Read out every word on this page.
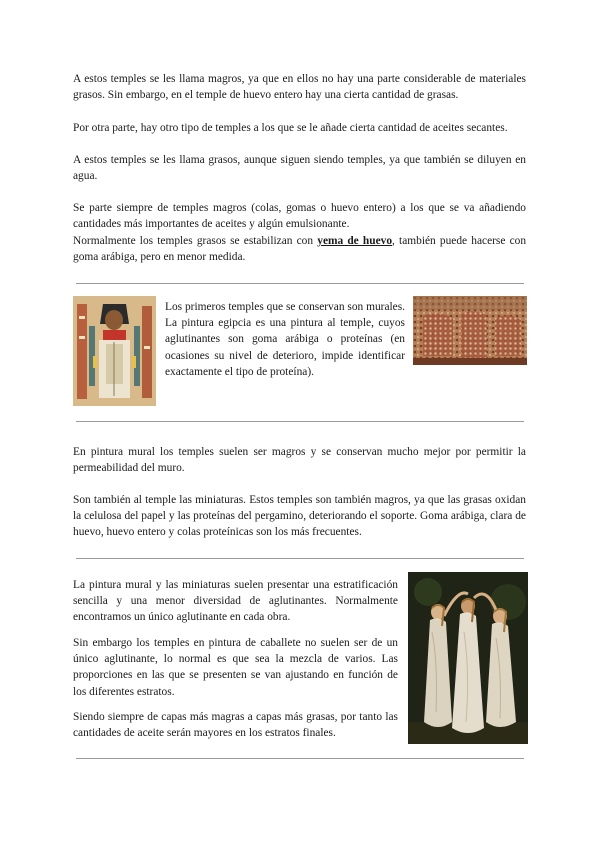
A estos temples se les llama magros, ya que en ellos no hay una parte considerable de materiales grasos. Sin embargo, en el temple de huevo entero hay una cierta cantidad de grasas.

Por otra parte, hay otro tipo de temples a los que se le añade cierta cantidad de aceites secantes.

A estos temples se les llama grasos, aunque siguen siendo temples, ya que también se diluyen en agua.

Se parte siempre de temples magros (colas, gomas o huevo entero) a los que se va añadiendo cantidades más importantes de aceites y algún emulsionante.

Normalmente los temples grasos se estabilizan con yema de huevo, también puede hacerse con goma arábiga, pero en menor medida.

Los primeros temples que se conservan son murales. La pintura egipcia es una pintura al temple, cuyos aglutinantes son goma arábiga o proteínas (en ocasiones su nivel de deterioro, impide identificar exactamente el tipo de proteína).

En pintura mural los temples suelen ser magros y se conservan mucho mejor por permitir la permeabilidad del muro.

Son también al temple las miniaturas. Estos temples son también magros, ya que las grasas oxidan la celulosa del papel y las proteínas del pergamino, deteriorando el soporte. Goma arábiga, clara de huevo, huevo entero y colas proteínicas son los más frecuentes.

La pintura mural y las miniaturas suelen presentar una estratificación sencilla y una menor diversidad de aglutinantes. Normalmente encontramos un único aglutinante en cada obra.

Sin embargo los temples en pintura de caballete no suelen ser de un único aglutinante, lo normal es que sea la mezcla de varios. Las proporciones en las que se presenten se van ajustando en función de los diferentes estratos.

Siendo siempre de capas más magras a capas más grasas, por tanto las cantidades de aceite serán mayores en los estratos finales.
